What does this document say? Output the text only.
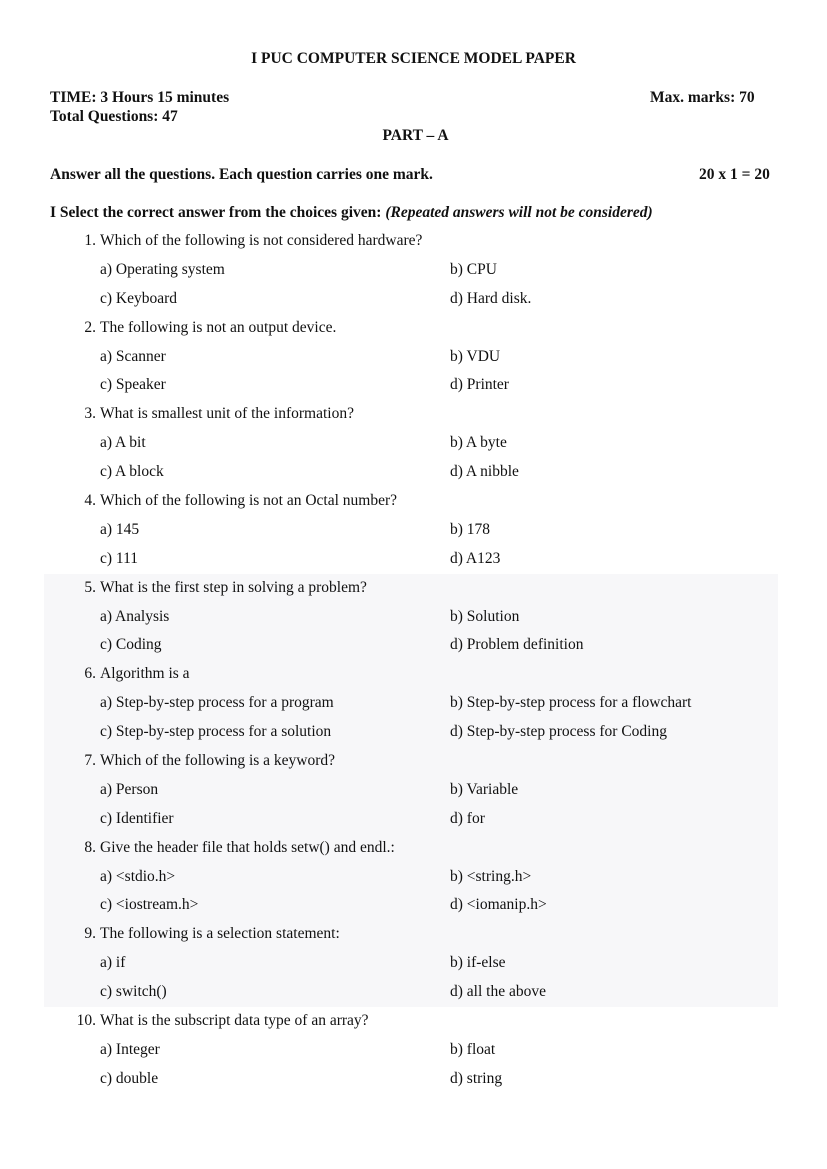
I PUC COMPUTER SCIENCE MODEL PAPER
TIME: 3 Hours 15 minutes	Max. marks: 70
Total Questions: 47
PART – A
Answer all the questions. Each question carries one mark.	20 x 1 = 20
I Select the correct answer from the choices given: (Repeated answers will not be considered)
1. Which of the following is not considered hardware?
a) Operating system	b) CPU
c) Keyboard	d) Hard disk.
2. The following is not an output device.
a) Scanner	b) VDU
c) Speaker	d) Printer
3. What is smallest unit of the information?
a) A bit	b) A byte
c) A block	d) A nibble
4. Which of the following is not an Octal number?
a) 145	b) 178
c) 111	d) A123
5. What is the first step in solving a problem?
a) Analysis	b) Solution
c) Coding	d) Problem definition
6. Algorithm is a
a) Step-by-step process for a program	b) Step-by-step process for a flowchart
c) Step-by-step process for a solution	d) Step-by-step process for Coding
7. Which of the following is a keyword?
a) Person	b) Variable
c) Identifier	d) for
8. Give the header file that holds setw() and endl.:
a) <stdio.h>	b) <string.h>
c) <iostream.h>	d) <iomanip.h>
9. The following is a selection statement:
a) if	b) if-else
c) switch()	d) all the above
10. What is the subscript data type of an array?
a) Integer	b) float
c) double	d) string
